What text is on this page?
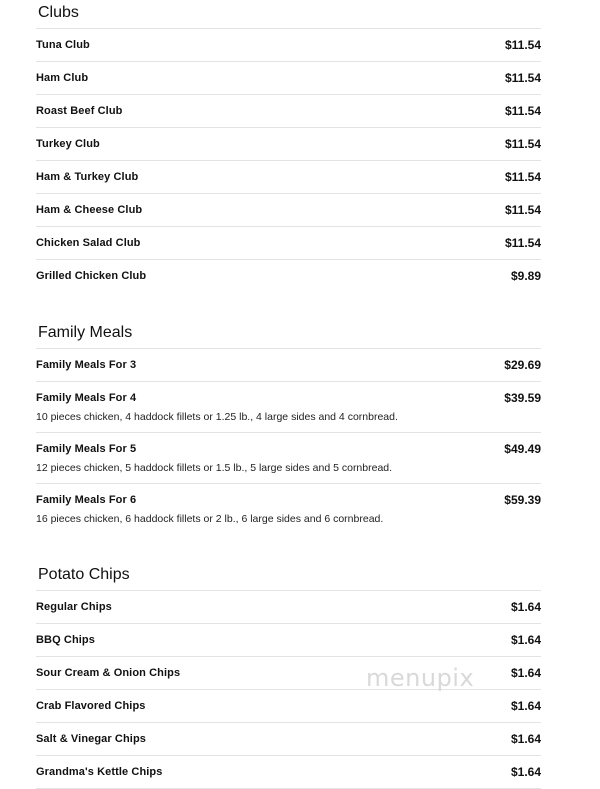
Clubs
Tuna Club	$11.54
Ham Club	$11.54
Roast Beef Club	$11.54
Turkey Club	$11.54
Ham & Turkey Club	$11.54
Ham & Cheese Club	$11.54
Chicken Salad Club	$11.54
Grilled Chicken Club	$9.89
Family Meals
Family Meals For 3	$29.69
Family Meals For 4	$39.59
10 pieces chicken, 4 haddock fillets or 1.25 lb., 4 large sides and 4 cornbread.
Family Meals For 5	$49.49
12 pieces chicken, 5 haddock fillets or 1.5 lb., 5 large sides and 5 cornbread.
Family Meals For 6	$59.39
16 pieces chicken, 6 haddock fillets or 2 lb., 6 large sides and 6 cornbread.
Potato Chips
Regular Chips	$1.64
BBQ Chips	$1.64
Sour Cream & Onion Chips	$1.64
Crab Flavored Chips	$1.64
Salt & Vinegar Chips	$1.64
Grandma's Kettle Chips	$1.64
menupix
